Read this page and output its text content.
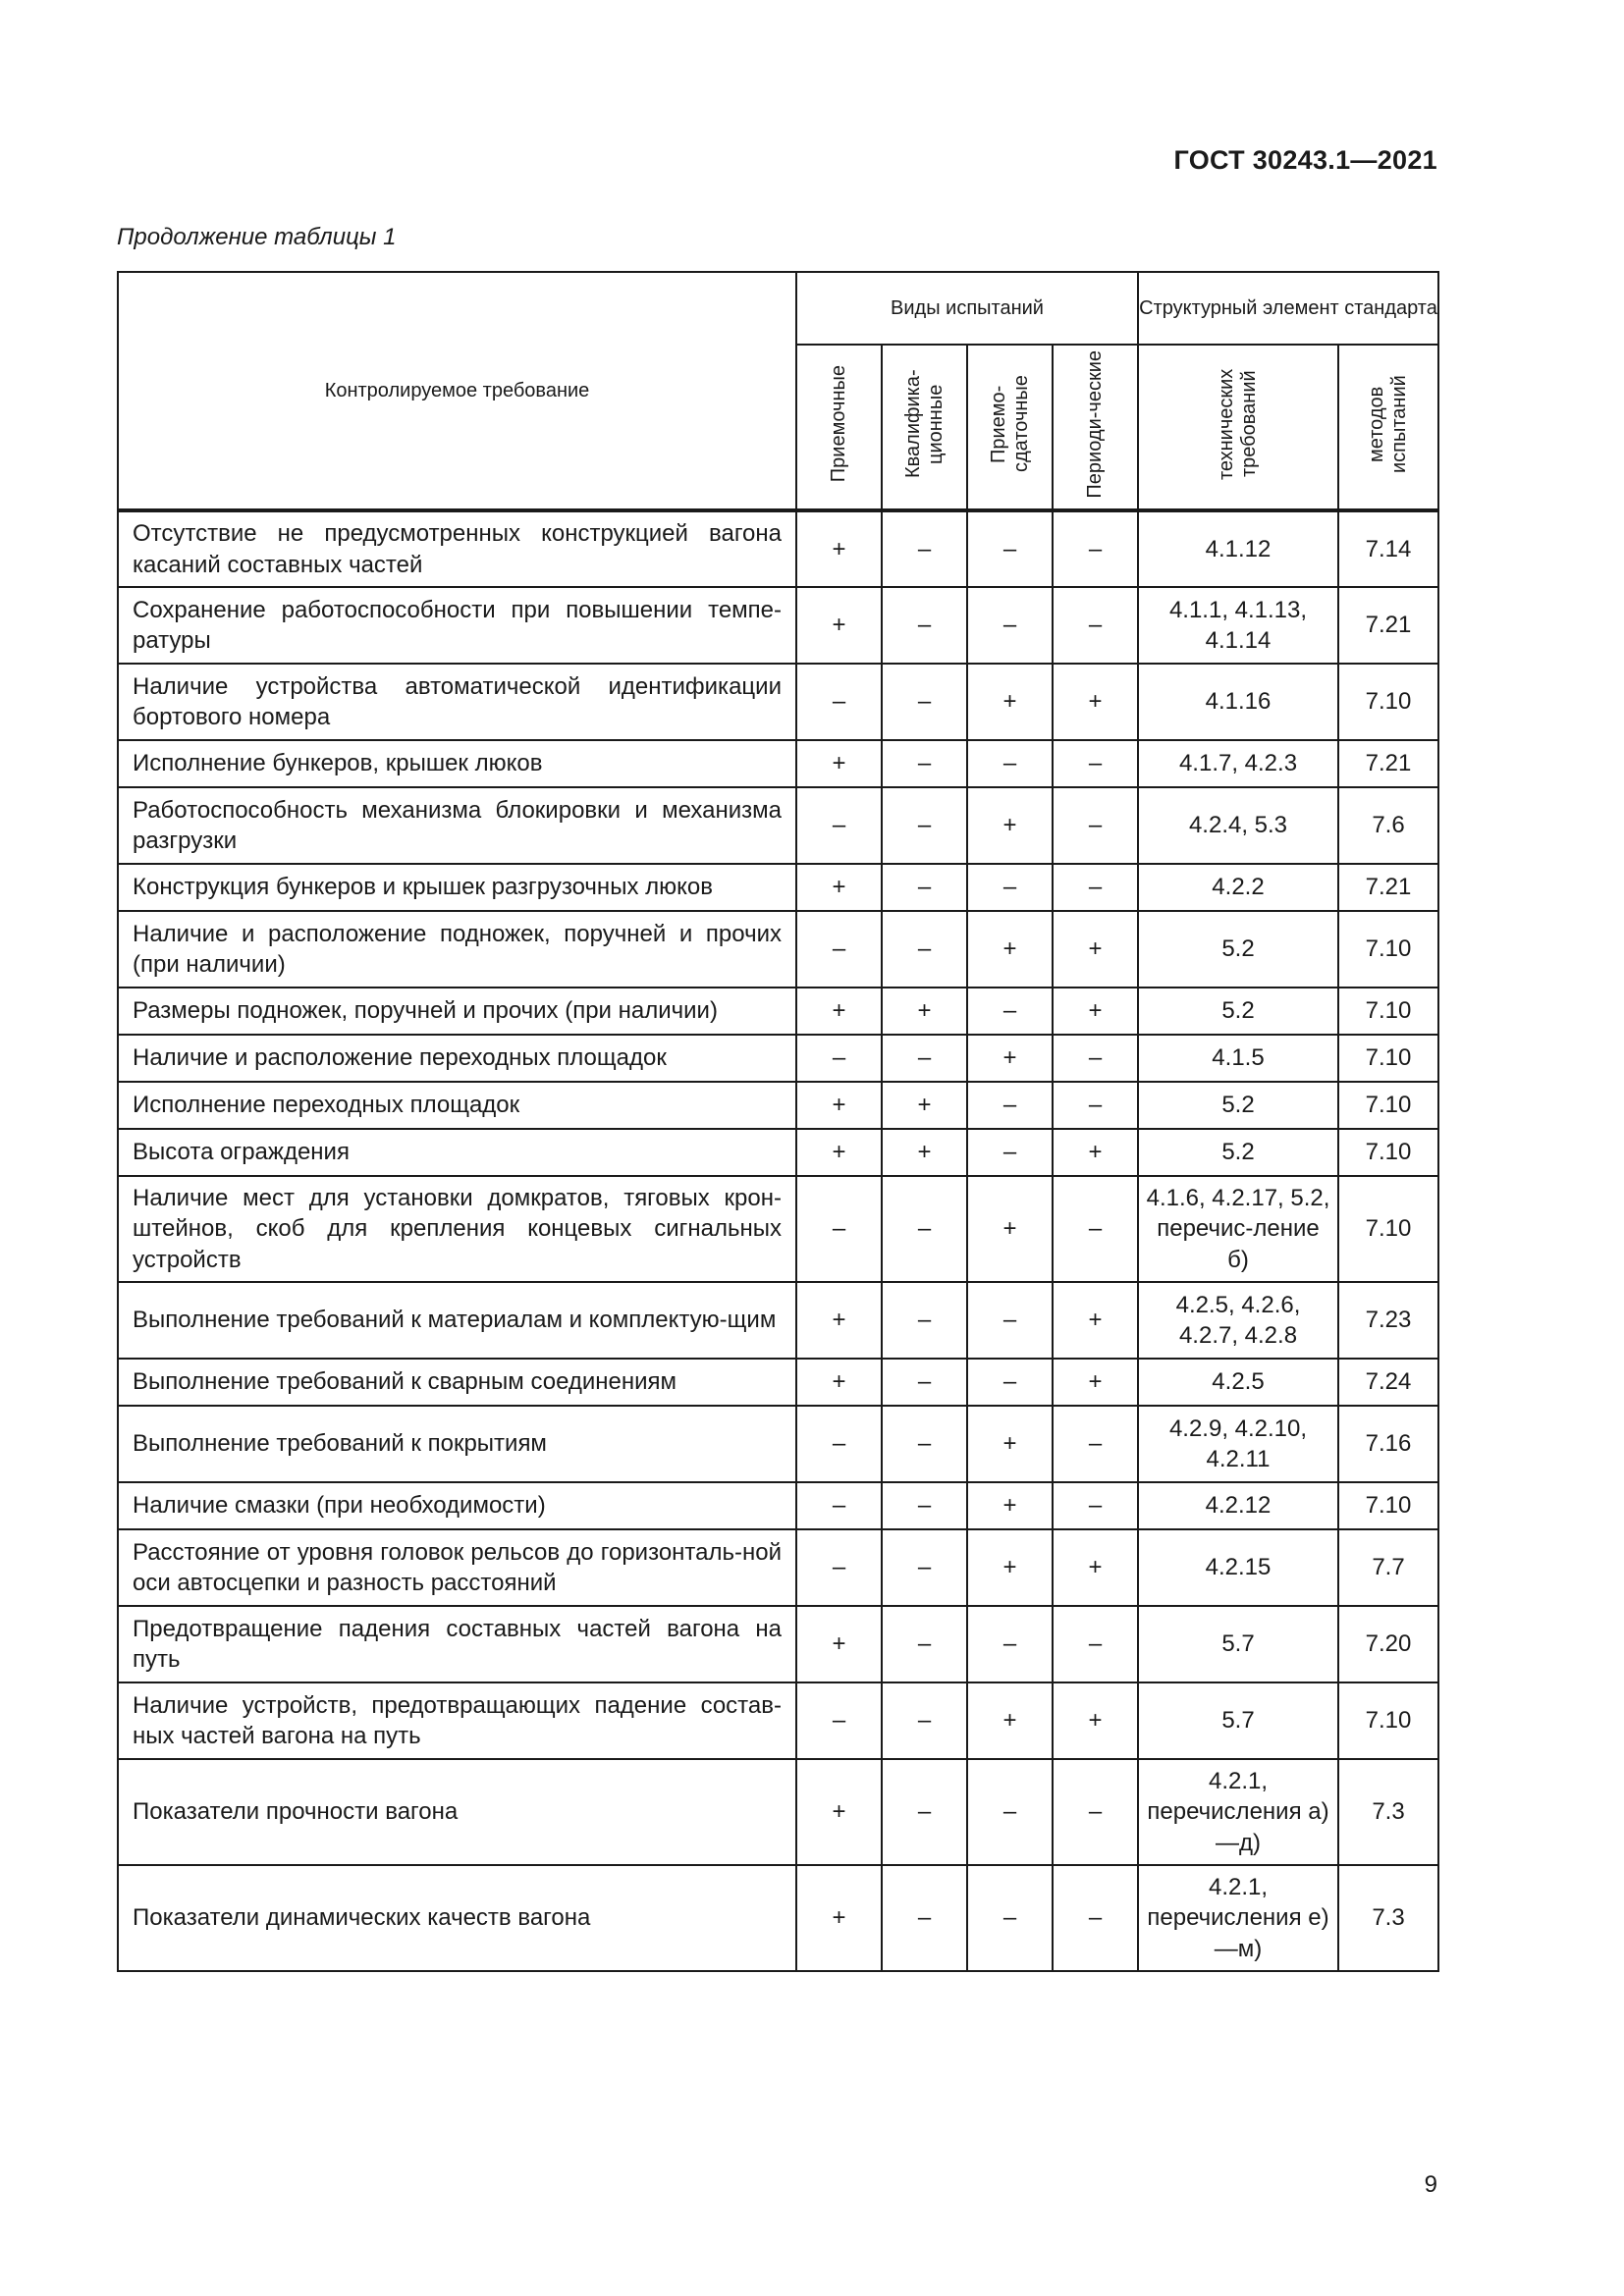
ГОСТ 30243.1—2021
Продолжение таблицы 1
Контролируемое требование	Виды испытаний				Структурный элемент стандарта	
	Приемочные	Квалифика-ционные	Приемо-сдаточные	Периоди-ческие	технических требований	методов испытаний
Отсутствие не предусмотренных конструкцией вагона касаний составных частей	+	–	–	–	4.1.12	7.14
Сохранение работоспособности при повышении темпе-ратуры	+	–	–	–	4.1.1, 4.1.13, 4.1.14	7.21
Наличие устройства автоматической идентификации бортового номера	–	–	+	+	4.1.16	7.10
Исполнение бункеров, крышек люков	+	–	–	–	4.1.7, 4.2.3	7.21
Работоспособность механизма блокировки и механизма разгрузки	–	–	+	–	4.2.4, 5.3	7.6
Конструкция бункеров и крышек разгрузочных люков	+	–	–	–	4.2.2	7.21
Наличие и расположение подножек, поручней и прочих (при наличии)	–	–	+	+	5.2	7.10
Размеры подножек, поручней и прочих (при наличии)	+	+	–	+	5.2	7.10
Наличие и расположение переходных площадок	–	–	+	–	4.1.5	7.10
Исполнение переходных площадок	+	+	–	–	5.2	7.10
Высота ограждения	+	+	–	+	5.2	7.10
Наличие мест для установки домкратов, тяговых крон-штейнов, скоб для крепления концевых сигнальных устройств	–	–	+	–	4.1.6, 4.2.17, 5.2, перечис-ление б)	7.10
Выполнение требований к материалам и комплектую-щим	+	–	–	+	4.2.5, 4.2.6, 4.2.7, 4.2.8	7.23
Выполнение требований к сварным соединениям	+	–	–	+	4.2.5	7.24
Выполнение требований к покрытиям	–	–	+	–	4.2.9, 4.2.10, 4.2.11	7.16
Наличие смазки (при необходимости)	–	–	+	–	4.2.12	7.10
Расстояние от уровня головок рельсов до горизонталь-ной оси автосцепки и разность расстояний	–	–	+	+	4.2.15	7.7
Предотвращение падения составных частей вагона на путь	+	–	–	–	5.7	7.20
Наличие устройств, предотвращающих падение состав-ных частей вагона на путь	–	–	+	+	5.7	7.10
Показатели прочности вагона	+	–	–	–	4.2.1, перечисления а)—д)	7.3
Показатели динамических качеств вагона	+	–	–	–	4.2.1, перечисления е)—м)	7.3
9
